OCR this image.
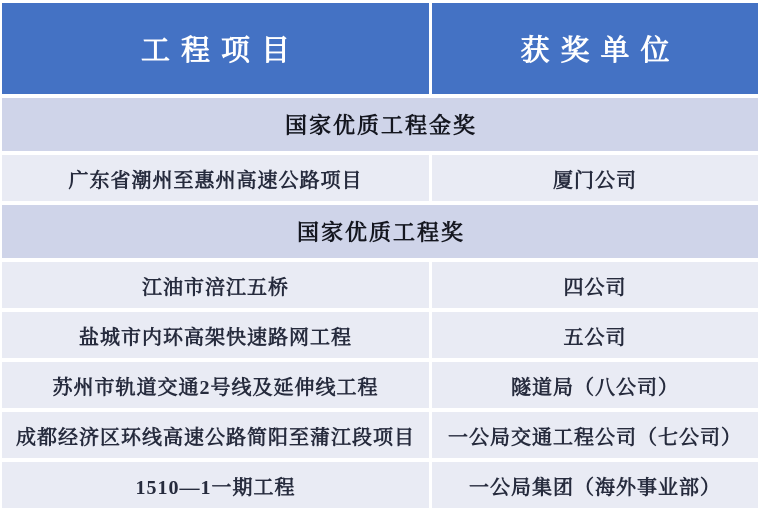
工程项目	获奖单位
国家优质工程金奖
广东省潮州至惠州高速公路项目	厦门公司
国家优质工程奖
江油市涪江五桥	四公司
盐城市内环高架快速路网工程	五公司
苏州市轨道交通2号线及延伸线工程	隧道局（八公司）
成都经济区环线高速公路简阳至蒲江段项目	一公局交通工程公司（七公司）
1510—1一期工程	一公局集团（海外事业部）
